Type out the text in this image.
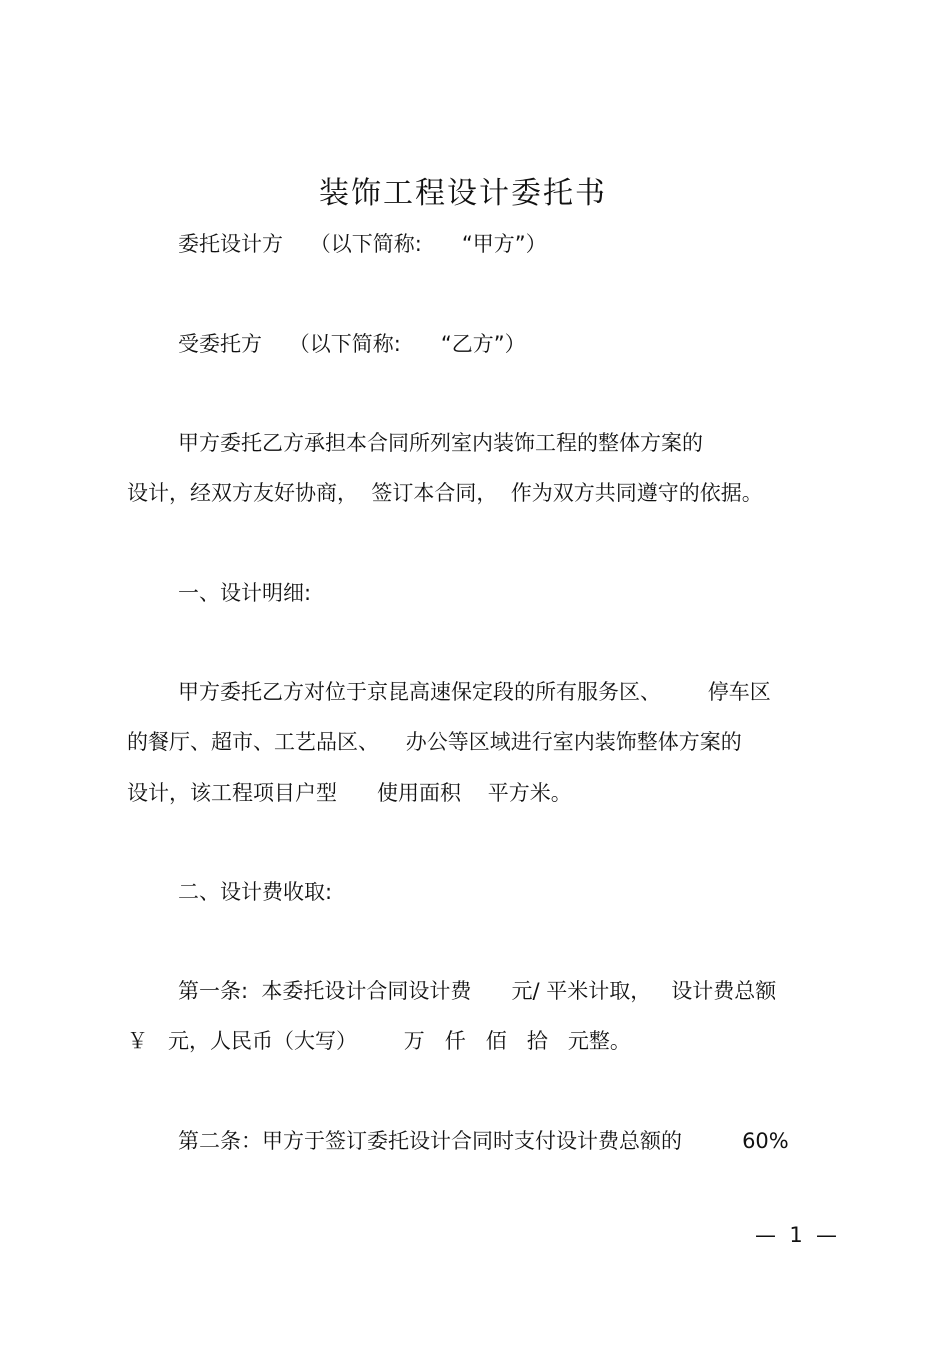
装饰工程设计委托书
委托设计方    （以下简称:      “甲方”）
受委托方    （以下简称:      “乙方”）
甲方委托乙方承担本合同所列室内装饰工程的整体方案的
设计，经双方友好协商，  签订本合同，  作为双方共同遵守的依据。
一、设计明细:
甲方委托乙方对位于京昆高速保定段的所有服务区、       停车区
的餐厅、超市、工艺品区、    办公等区域进行室内装饰整体方案的
设计，该工程项目户型      使用面积    平方米。
二、设计费收取:
第一条:  本委托设计合同设计费      元/ 平米计取，   设计费总额
￥   元，人民币（大写）       万   仟   佰   拾   元整。
第二条：甲方于签订委托设计合同时支付设计费总额的         60%
—  1  —
